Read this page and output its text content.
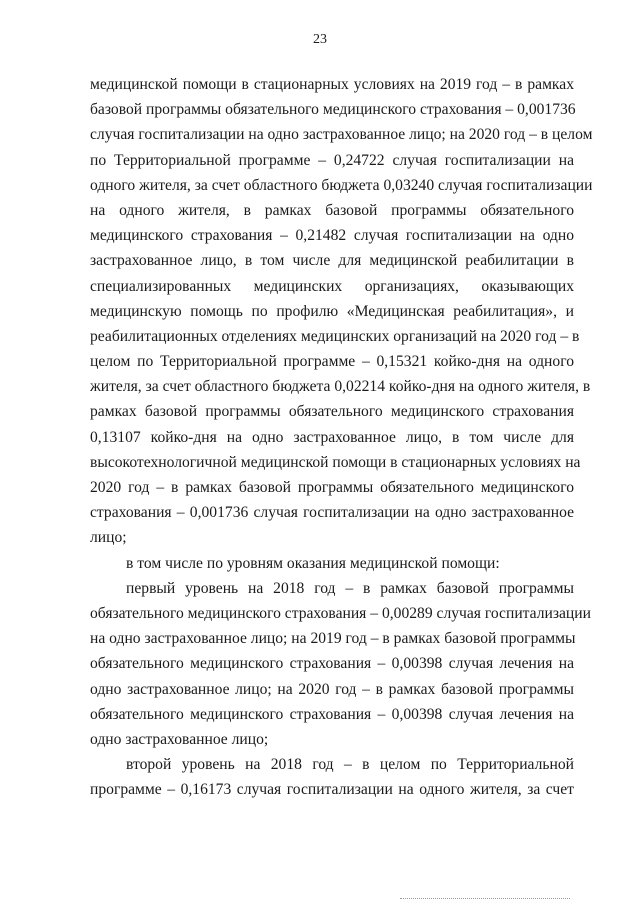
23
медицинской помощи в стационарных условиях на 2019 год – в рамках
базовой программы обязательного медицинского страхования – 0,001736
случая госпитализации на одно застрахованное лицо; на 2020 год – в целом
по Территориальной программе – 0,24722 случая госпитализации на
одного жителя, за счет областного бюджета 0,03240 случая госпитализации
на одного жителя, в рамках базовой программы обязательного
медицинского страхования – 0,21482 случая госпитализации на одно
застрахованное лицо, в том числе для медицинской реабилитации в
специализированных медицинских организациях, оказывающих
медицинскую помощь по профилю «Медицинская реабилитация», и
реабилитационных отделениях медицинских организаций на 2020 год – в
целом по Территориальной программе – 0,15321 койко-дня на одного
жителя, за счет областного бюджета 0,02214 койко-дня на одного жителя, в
рамках базовой программы обязательного медицинского страхования
0,13107 койко-дня на одно застрахованное лицо, в том числе для
высокотехнологичной медицинской помощи в стационарных условиях на
2020 год – в рамках базовой программы обязательного медицинского
страхования – 0,001736 случая госпитализации на одно застрахованное
лицо;
в том числе по уровням оказания медицинской помощи:
первый уровень на 2018 год – в рамках базовой программы
обязательного медицинского страхования – 0,00289 случая госпитализации
на одно застрахованное лицо; на 2019 год – в рамках базовой программы
обязательного медицинского страхования – 0,00398 случая лечения на
одно застрахованное лицо; на 2020 год – в рамках базовой программы
обязательного медицинского страхования – 0,00398 случая лечения на
одно застрахованное лицо;
второй уровень на 2018 год – в целом по Территориальной
программе – 0,16173 случая госпитализации на одного жителя, за счет
